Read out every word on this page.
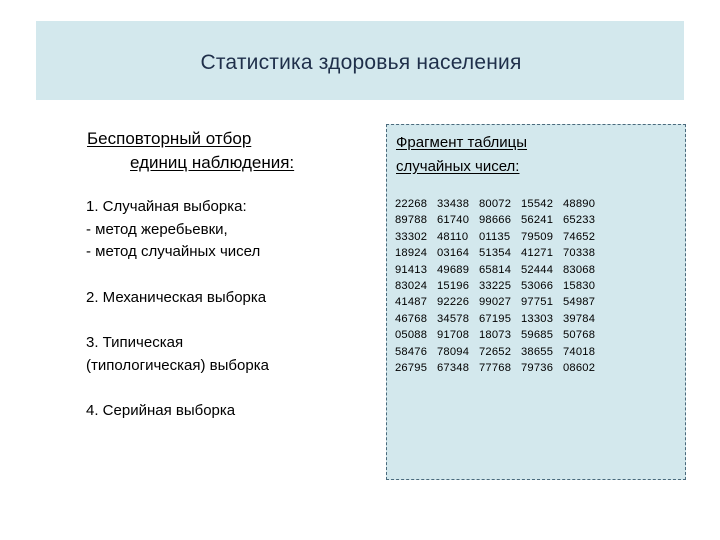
Статистика здоровья населения
Бесповторный отбор
единиц наблюдения:
1. Случайная выборка:
- метод жеребьевки,
- метод случайных чисел
2. Механическая выборка
3. Типическая
(типологическая) выборка
4. Серийная выборка
Фрагмент таблицы
случайных чисел:
22268	33438	80072	15542	48890
89788	61740	98666	56241	65233
33302	48110	01135	79509	74652
18924	03164	51354	41271	70338
91413	49689	65814	52444	83068
83024	15196	33225	53066	15830
41487	92226	99027	97751	54987
46768	34578	67195	13303	39784
05088	91708	18073	59685	50768
58476	78094	72652	38655	74018
26795	67348	77768	79736	08602
